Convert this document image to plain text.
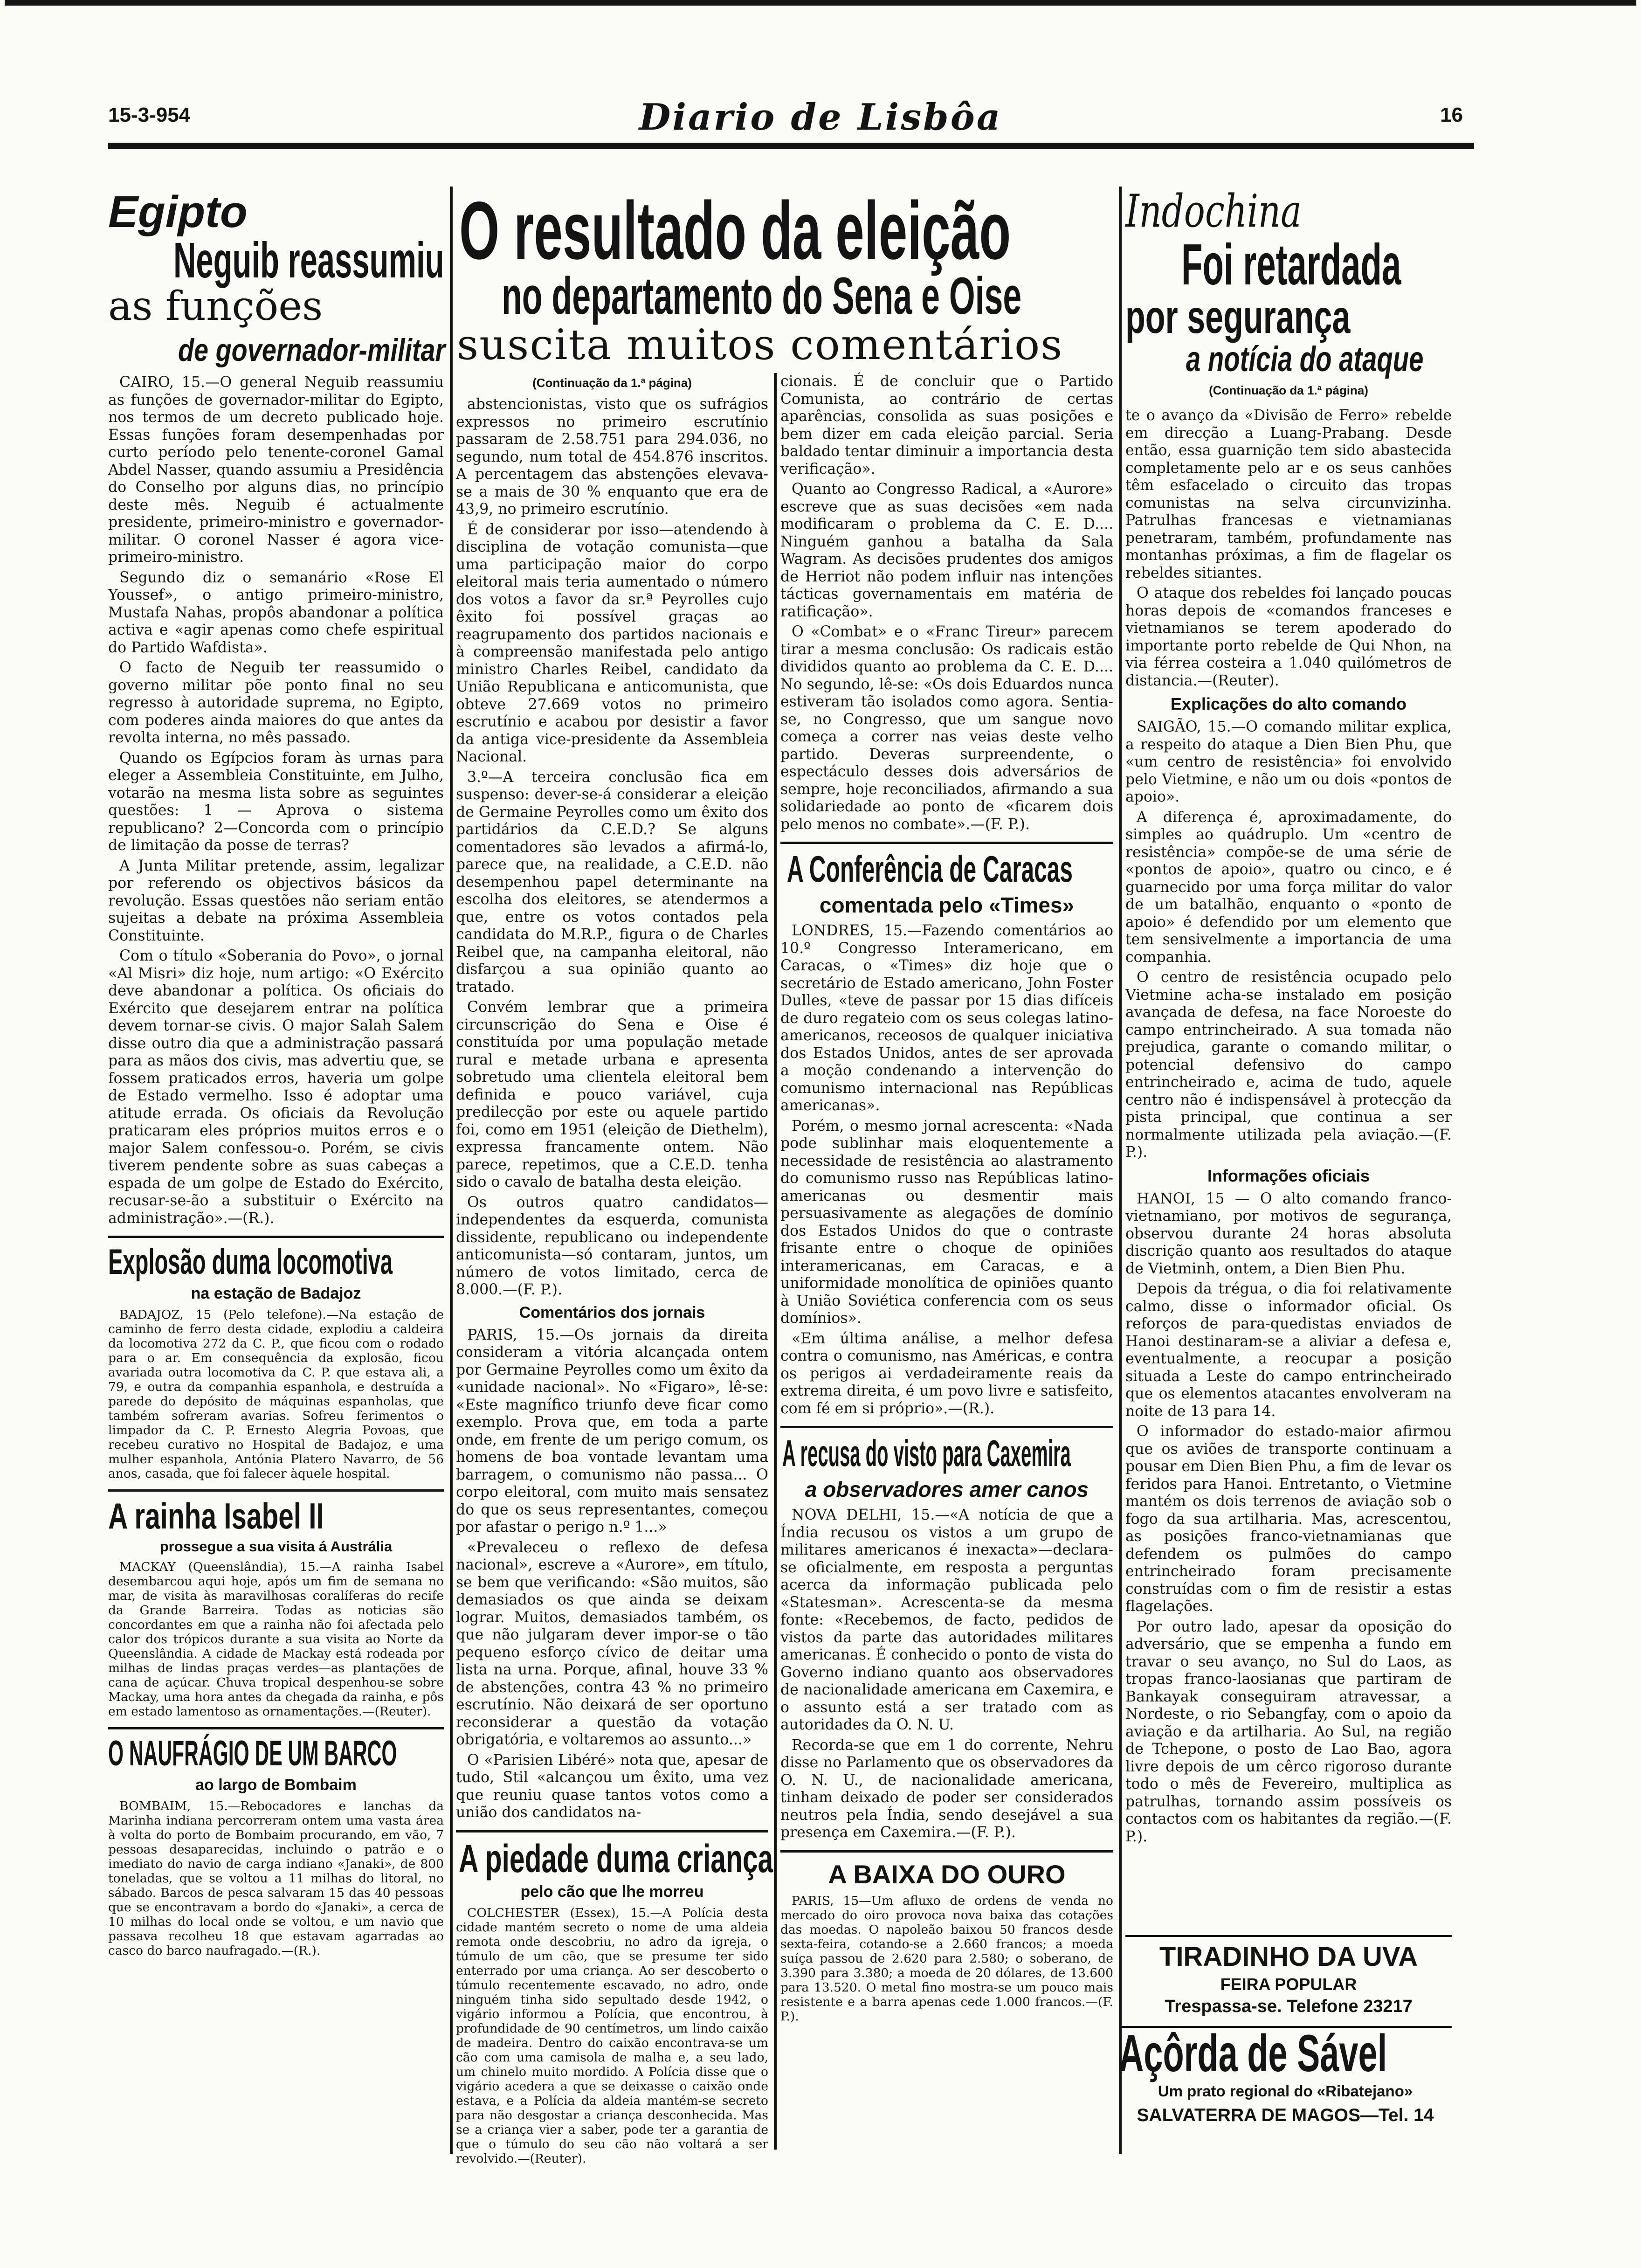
15-3-954	Diario de Lisbôa	16
Egipto
Neguib reassumiu
as funções
de governador-militar

CAIRO, 15.—O general Neguib reassumiu as funções de governador-militar do Egipto, nos termos de um decreto publicado hoje. Essas funções foram desempenhadas por curto período pelo tenente-coronel Gamal Abdel Nasser, quando assumiu a Presidência do Conselho por alguns dias, no princípio deste mês. Neguib é actualmente presidente, primeiro-ministro e governador-militar. O coronel Nasser é agora vice-primeiro-ministro.

Segundo diz o semanário «Rose El Youssef», o antigo primeiro-ministro, Mustafa Nahas, propôs abandonar a política activa e «agir apenas como chefe espiritual do Partido Wafdista».

O facto de Neguib ter reassumido o governo militar põe ponto final no seu regresso à autoridade suprema, no Egipto, com poderes ainda maiores do que antes da revolta interna, no mês passado.

Quando os Egípcios foram às urnas para eleger a Assembleia Constituinte, em Julho, votarão na mesma lista sobre as seguintes questões: 1 — Aprova o sistema republicano? 2—Concorda com o princípio de limitação da posse de terras?

A Junta Militar pretende, assim, legalizar por referendo os objectivos básicos da revolução. Essas questões não seriam então sujeitas a debate na próxima Assembleia Constituinte.

Com o título «Soberania do Povo», o jornal «Al Misri» diz hoje, num artigo: «O Exército deve abandonar a política. Os oficiais do Exército que desejarem entrar na política devem tornar-se civis. O major Salah Salem disse outro dia que a administração passará para as mãos dos civis, mas advertiu que, se fossem praticados erros, haveria um golpe de Estado vermelho. Isso é adoptar uma atitude errada. Os oficiais da Revolução praticaram eles próprios muitos erros e o major Salem confessou-o. Porém, se civis tiverem pendente sobre as suas cabeças a espada de um golpe de Estado do Exército, recusar-se-ão a substituir o Exército na administração».—(R.).

Explosão duma locomotiva
na estação de Badajoz

BADAJOZ, 15 (Pelo telefone).—Na estação de caminho de ferro desta cidade, explodiu a caldeira da locomotiva 272 da C. P., que ficou com o rodado para o ar. Em consequência da explosão, ficou avariada outra locomotiva da C. P. que estava ali, a 79, e outra da companhia espanhola, e destruída a parede do depósito de máquinas espanholas, que também sofreram avarias. Sofreu ferimentos o limpador da C. P. Ernesto Alegria Povoas, que recebeu curativo no Hospital de Badajoz, e uma mulher espanhola, Antónia Platero Navarro, de 56 anos, casada, que foi falecer àquele hospital.

A rainha Isabel II
prossegue a sua visita á Austrália

MACKAY (Queenslândia), 15.—A rainha Isabel desembarcou aqui hoje, após um fim de semana no mar, de visita às maravilhosas coralíferas do recife da Grande Barreira. Todas as noticias são concordantes em que a rainha não foi afectada pelo calor dos trópicos durante a sua visita ao Norte da Queenslândia. A cidade de Mackay está rodeada por milhas de lindas praças verdes—as plantações de cana de açúcar. Chuva tropical despenhou-se sobre Mackay, uma hora antes da chegada da rainha, e pôs em estado lamentoso as ornamentações.—(Reuter).

O NAUFRÁGIO DE UM BARCO
ao largo de Bombaim

BOMBAIM, 15.—Rebocadores e lanchas da Marinha indiana percorreram ontem uma vasta área à volta do porto de Bombaim procurando, em vão, 7 pessoas desaparecidas, incluindo o patrão e o imediato do navio de carga indiano «Janaki», de 800 toneladas, que se voltou a 11 milhas do litoral, no sábado. Barcos de pesca salvaram 15 das 40 pessoas que se encontravam a bordo do «Janaki», a cerca de 10 milhas do local onde se voltou, e um navio que passava recolheu 18 que estavam agarradas ao casco do barco naufragado.—(R.).

O resultado da eleição
no departamento do Sena e Oise
suscita muitos comentários
(Continuação da 1.ª página)

abstencionistas, visto que os sufrágios expressos no primeiro escrutínio passaram de 2.58.751 para 294.036, no segundo, num total de 454.876 inscritos. A percentagem das abstenções elevava-se a mais de 30 % enquanto que era de 43,9, no primeiro escrutínio.

É de considerar por isso—atendendo à disciplina de votação comunista—que uma participação maior do corpo eleitoral mais teria aumentado o número dos votos a favor da sr.ª Peyrolles cujo êxito foi possível graças ao reagrupamento dos partidos nacionais e à compreensão manifestada pelo antigo ministro Charles Reibel, candidato da União Republicana e anticomunista, que obteve 27.669 votos no primeiro escrutínio e acabou por desistir a favor da antiga vice-presidente da Assembleia Nacional.

3.º—A terceira conclusão fica em suspenso: dever-se-á considerar a eleição de Germaine Peyrolles como um êxito dos partidários da C.E.D.? Se alguns comentadores são levados a afirmá-lo, parece que, na realidade, a C.E.D. não desempenhou papel determinante na escolha dos eleitores, se atendermos a que, entre os votos contados pela candidata do M.R.P., figura o de Charles Reibel que, na campanha eleitoral, não disfarçou a sua opinião quanto ao tratado.

Convém lembrar que a primeira circunscrição do Sena e Oise é constituída por uma população metade rural e metade urbana e apresenta sobretudo uma clientela eleitoral bem definida e pouco variável, cuja predilecção por este ou aquele partido foi, como em 1951 (eleição de Diethelm), expressa francamente ontem. Não parece, repetimos, que a C.E.D. tenha sido o cavalo de batalha desta eleição.

Os outros quatro candidatos—independentes da esquerda, comunista dissidente, republicano ou independente anticomunista—só contaram, juntos, um número de votos limitado, cerca de 8.000.—(F. P.).

Comentários dos jornais

PARIS, 15.—Os jornais da direita consideram a vitória alcançada ontem por Germaine Peyrolles como um êxito da «unidade nacional». No «Figaro», lê-se: «Este magnífico triunfo deve ficar como exemplo. Prova que, em toda a parte onde, em frente de um perigo comum, os homens de boa vontade levantam uma barragem, o comunismo não passa... O corpo eleitoral, com muito mais sensatez do que os seus representantes, começou por afastar o perigo n.º 1...»

«Prevaleceu o reflexo de defesa nacional», escreve a «Aurore», em título, se bem que verificando: «São muitos, são demasiados os que ainda se deixam lograr. Muitos, demasiados também, os que não julgaram dever impor-se o tão pequeno esforço cívico de deitar uma lista na urna. Porque, afinal, houve 33 % de abstenções, contra 43 % no primeiro escrutínio. Não deixará de ser oportuno reconsiderar a questão da votação obrigatória, e voltaremos ao assunto...»

O «Parisien Libéré» nota que, apesar de tudo, Stil «alcançou um êxito, uma vez que reuniu quase tantos votos como a união dos candidatos na-

A piedade duma criança
pelo cão que lhe morreu

COLCHESTER (Essex), 15.—A Polícia desta cidade mantém secreto o nome de uma aldeia remota onde descobriu, no adro da igreja, o túmulo de um cão, que se presume ter sido enterrado por uma criança. Ao ser descoberto o túmulo recentemente escavado, no adro, onde ninguém tinha sido sepultado desde 1942, o vigário informou a Polícia, que encontrou, à profundidade de 90 centímetros, um lindo caixão de madeira. Dentro do caixão encontrava-se um cão com uma camisola de malha e, a seu lado, um chinelo muito mordido. A Polícia disse que o vigário acedera a que se deixasse o caixão onde estava, e a Polícia da aldeia mantém-se secreto para não desgostar a criança desconhecida. Mas se a criança vier a saber, pode ter a garantia de que o túmulo do seu cão não voltará a ser revolvido.—(Reuter).

cionais. É de concluir que o Partido Comunista, ao contrário de certas aparências, consolida as suas posições e bem dizer em cada eleição parcial. Seria baldado tentar diminuir a importancia desta verificação».

Quanto ao Congresso Radical, a «Aurore» escreve que as suas decisões «em nada modificaram o problema da C. E. D.... Ninguém ganhou a batalha da Sala Wagram. As decisões prudentes dos amigos de Herriot não podem influir nas intenções tácticas governamentais em matéria de ratificação».

O «Combat» e o «Franc Tireur» parecem tirar a mesma conclusão: Os radicais estão divididos quanto ao problema da C. E. D.... No segundo, lê-se: «Os dois Eduardos nunca estiveram tão isolados como agora. Sentia-se, no Congresso, que um sangue novo começa a correr nas veias deste velho partido. Deveras surpreendente, o espectáculo desses dois adversários de sempre, hoje reconciliados, afirmando a sua solidariedade ao ponto de «ficarem dois pelo menos no combate».—(F. P.).

A Conferência de Caracas
comentada pelo «Times»

LONDRES, 15.—Fazendo comentários ao 10.º Congresso Interamericano, em Caracas, o «Times» diz hoje que o secretário de Estado americano, John Foster Dulles, «teve de passar por 15 dias difíceis de duro regateio com os seus colegas latino-americanos, receosos de qualquer iniciativa dos Estados Unidos, antes de ser aprovada a moção condenando a intervenção do comunismo internacional nas Repúblicas americanas».

Porém, o mesmo jornal acrescenta: «Nada pode sublinhar mais eloquentemente a necessidade de resistência ao alastramento do comunismo russo nas Repúblicas latino-americanas ou desmentir mais persuasivamente as alegações de domínio dos Estados Unidos do que o contraste frisante entre o choque de opiniões interamericanas, em Caracas, e a uniformidade monolítica de opiniões quanto à União Soviética conferencia com os seus domínios».

«Em última análise, a melhor defesa contra o comunismo, nas Américas, e contra os perigos ai verdadeiramente reais da extrema direita, é um povo livre e satisfeito, com fé em si próprio».—(R.).

A recusa do visto para Caxemira
a observadores amer canos

NOVA DELHI, 15.—«A notícia de que a Índia recusou os vistos a um grupo de militares americanos é inexacta»—declara-se oficialmente, em resposta a perguntas acerca da informação publicada pelo «Statesman». Acrescenta-se da mesma fonte: «Recebemos, de facto, pedidos de vistos da parte das autoridades militares americanas. É conhecido o ponto de vista do Governo indiano quanto aos observadores de nacionalidade americana em Caxemira, e o assunto está a ser tratado com as autoridades da O. N. U.

Recorda-se que em 1 do corrente, Nehru disse no Parlamento que os observadores da O. N. U., de nacionalidade americana, tinham deixado de poder ser considerados neutros pela Índia, sendo desejável a sua presença em Caxemira.—(F. P.).

A BAIXA DO OURO

PARIS, 15—Um afluxo de ordens de venda no mercado do oiro provoca nova baixa das cotações das moedas. O napoleão baixou 50 francos desde sexta-feira, cotando-se a 2.660 francos; a moeda suíça passou de 2.620 para 2.580; o soberano, de 3.390 para 3.380; a moeda de 20 dólares, de 13.600 para 13.520. O metal fino mostra-se um pouco mais resistente e a barra apenas cede 1.000 francos.—(F. P.).

Indochina
Foi retardada
por segurança
a notícia do ataque
(Continuação da 1.ª página)

te o avanço da «Divisão de Ferro» rebelde em direcção a Luang-Prabang. Desde então, essa guarnição tem sido abastecida completamente pelo ar e os seus canhões têm esfacelado o circuito das tropas comunistas na selva circunvizinha. Patrulhas francesas e vietnamianas penetraram, também, profundamente nas montanhas próximas, a fim de flagelar os rebeldes sitiantes.

O ataque dos rebeldes foi lançado poucas horas depois de «comandos franceses e vietnamianos se terem apoderado do importante porto rebelde de Qui Nhon, na via férrea costeira a 1.040 quilómetros de distancia.—(Reuter).

Explicações do alto comando

SAIGÃO, 15.—O comando militar explica, a respeito do ataque a Dien Bien Phu, que «um centro de resistência» foi envolvido pelo Vietmine, e não um ou dois «pontos de apoio».

A diferença é, aproximadamente, do simples ao quádruplo. Um «centro de resistência» compõe-se de uma série de «pontos de apoio», quatro ou cinco, e é guarnecido por uma força militar do valor de um batalhão, enquanto o «ponto de apoio» é defendido por um elemento que tem sensivelmente a importancia de uma companhia.

O centro de resistência ocupado pelo Vietmine acha-se instalado em posição avançada de defesa, na face Noroeste do campo entrincheirado. A sua tomada não prejudica, garante o comando militar, o potencial defensivo do campo entrincheirado e, acima de tudo, aquele centro não é indispensável à protecção da pista principal, que continua a ser normalmente utilizada pela aviação.—(F. P.).

Informações oficiais

HANOI, 15 — O alto comando franco-vietnamiano, por motivos de segurança, observou durante 24 horas absoluta discrição quanto aos resultados do ataque de Vietminh, ontem, a Dien Bien Phu.

Depois da trégua, o dia foi relativamente calmo, disse o informador oficial. Os reforços de para-quedistas enviados de Hanoi destinaram-se a aliviar a defesa e, eventualmente, a reocupar a posição situada a Leste do campo entrincheirado que os elementos atacantes envolveram na noite de 13 para 14.

O informador do estado-maior afirmou que os aviões de transporte continuam a pousar em Dien Bien Phu, a fim de levar os feridos para Hanoi. Entretanto, o Vietmine mantém os dois terrenos de aviação sob o fogo da sua artilharia. Mas, acrescentou, as posições franco-vietnamianas que defendem os pulmões do campo entrincheirado foram precisamente construídas com o fim de resistir a estas flagelações.

Por outro lado, apesar da oposição do adversário, que se empenha a fundo em travar o seu avanço, no Sul do Laos, as tropas franco-laosianas que partiram de Bankayak conseguiram atravessar, a Nordeste, o rio Sebangfay, com o apoio da aviação e da artilharia. Ao Sul, na região de Tchepone, o posto de Lao Bao, agora livre depois de um cêrco rigoroso durante todo o mês de Fevereiro, multiplica as patrulhas, tornando assim possíveis os contactos com os habitantes da região.—(F. P.).

TIRADINHO DA UVA
FEIRA POPULAR
Trespassa-se. Telefone 23217
Açôrda de Sável
Um prato regional do «Ribatejano»
SALVATERRA DE MAGOS—Tel. 14
